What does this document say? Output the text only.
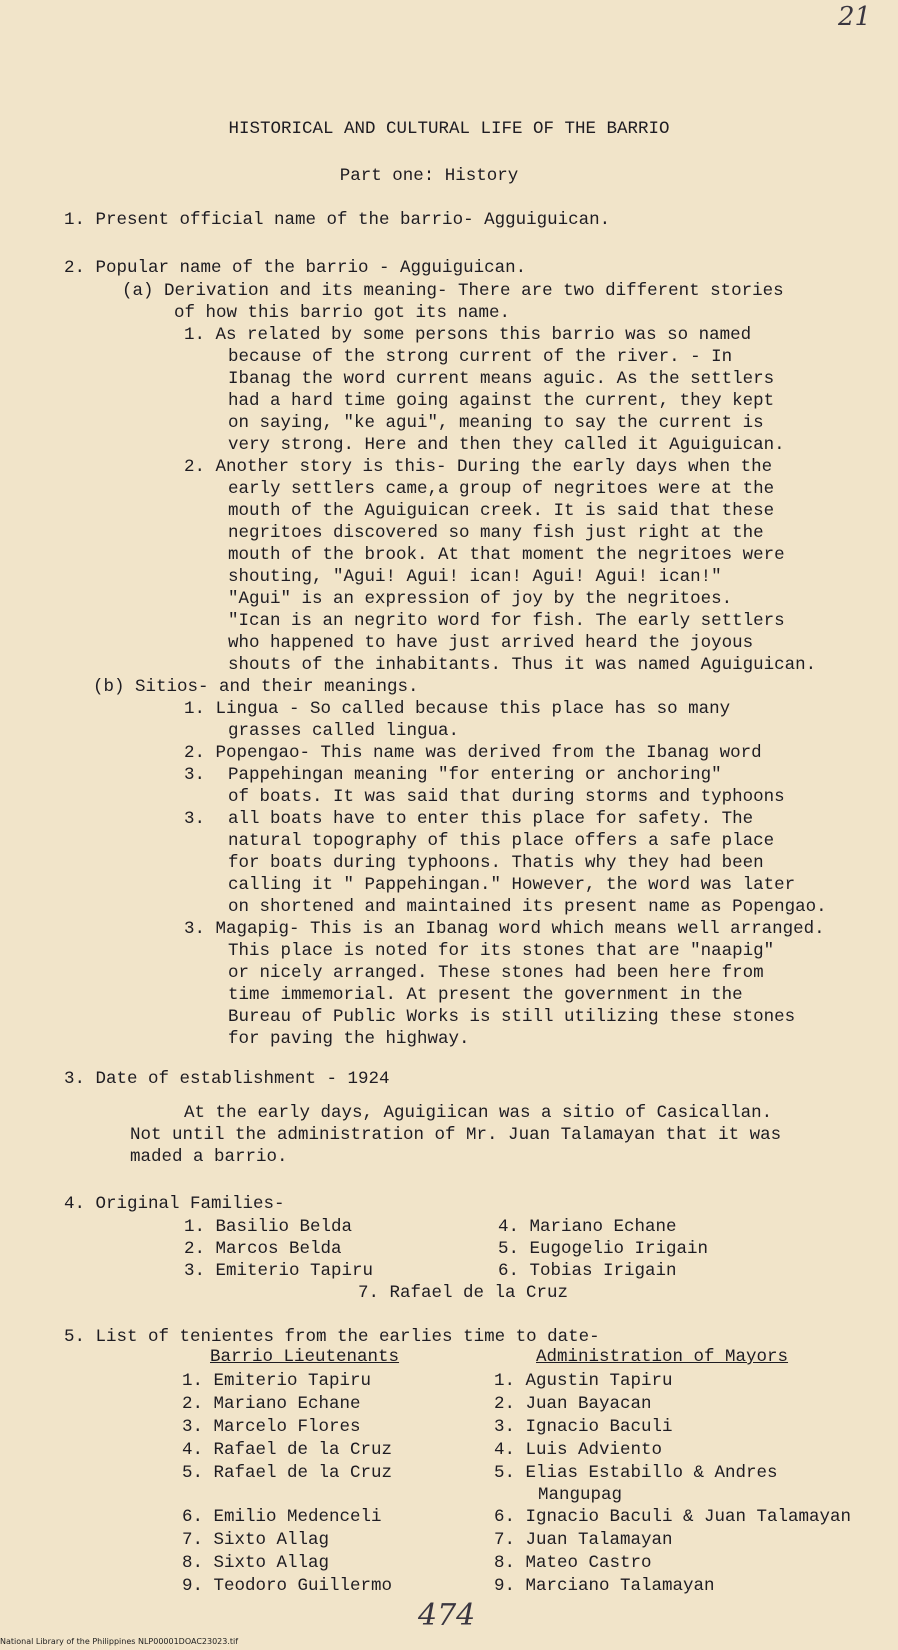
21
HISTORICAL AND CULTURAL LIFE OF THE BARRIO
Part one: History
1. Present official name of the barrio- Agguiguican.
2. Popular name of the barrio - Agguiguican.
(a) Derivation and its meaning- There are two different stories
of how this barrio got its name.
1. As related by some persons this barrio was so named
because of the strong current of the river. - In
Ibanag the word current means aguic. As the settlers
had a hard time going against the current, they kept
on saying, "ke agui", meaning to say the current is
very strong. Here and then they called it Aguiguican.
2. Another story is this- During the early days when the
early settlers came,a group of negritoes were at the
mouth of the Aguiguican creek. It is said that these
negritoes discovered so many fish just right at the
mouth of the brook. At that moment the negritoes were
shouting, "Agui! Agui! ican! Agui! Agui! ican!"
"Agui" is an expression of joy by the negritoes.
"Ican is an negrito word for fish. The early settlers
who happened to have just arrived heard the joyous
shouts of the inhabitants. Thus it was named Aguiguican.
(b) Sitios- and their meanings.
1. Lingua - So called because this place has so many
grasses called lingua.
2. Popengao- This name was derived from the Ibanag word
3. Pappehingan meaning "for entering or anchoring"
of boats. It was said that during storms and typhoons
3. all boats have to enter this place for safety. The
natural topography of this place offers a safe place
for boats during typhoons. Thatis why they had been
calling it " Pappehingan." However, the word was later
on shortened and maintained its present name as Popengao.
3. Magapig- This is an Ibanag word which means well arranged.
This place is noted for its stones that are "naapig"
or nicely arranged. These stones had been here from
time immemorial. At present the government in the
Bureau of Public Works is still utilizing these stones
for paving the highway.
3. Date of establishment - 1924
At the early days, Aguigiican was a sitio of Casicallan.
Not until the administration of Mr. Juan Talamayan that it was
maded a barrio.
4. Original Families-
1. Basilio Belda
2. Marcos Belda
3. Emiterio Tapiru
4. Mariano Echane
5. Eugogelio Irigain
6. Tobias Irigain
7. Rafael de la Cruz
5. List of tenientes from the earlies time to date-
Barrio Lieutenants	Administration of Mayors
1. Emiterio Tapiru
2. Mariano Echane
3. Marcelo Flores
4. Rafael de la Cruz
5. Rafael de la Cruz
6. Emilio Medenceli
7. Sixto Allag
8. Sixto Allag
9. Teodoro Guillermo
1. Agustin Tapiru
2. Juan Bayacan
3. Ignacio Baculi
4. Luis Adviento
5. Elias Estabillo & Andres
Mangupag
6. Ignacio Baculi & Juan Talamayan
7. Juan Talamayan
8. Mateo Castro
9. Marciano Talamayan
474
National Library of the Philippines NLP00001DOAC23023.tif
